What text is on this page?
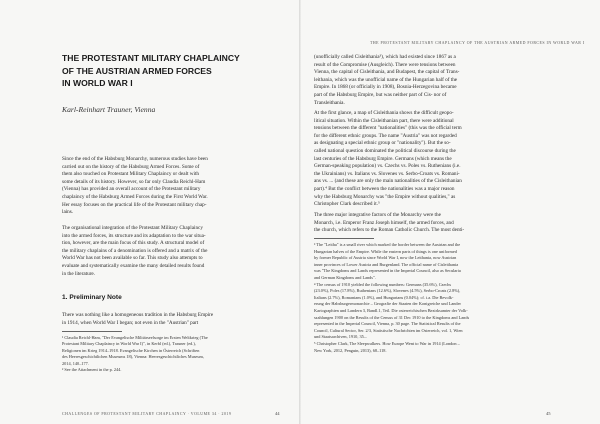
THE PROTESTANT MILITARY CHAPLAINCY
OF THE AUSTRIAN ARMED FORCES
IN WORLD WAR I
Karl-Reinhart Trauner, Vienna
Since the end of the Habsburg Monarchy, numerous studies have been
carried out on the history of the Habsburg Armed Forces. Some of
them also touched on Protestant Military Chaplaincy or dealt with
some details of its history. However, so far only Claudia Reichl-Ham
(Vienna) has provided an overall account of the Protestant military
chaplaincy of the Habsburg Armed Forces during the First World War.
Her essay focuses on the practical life of the Protestant military chap-
lains.
The organisational integration of the Protestant Military Chaplaincy
into the armed forces, its structure and its adaptation to the war situa-
tion, however, are the main focus of this study. A structural model of
the military chaplains of a denomination is offered and a matrix of the
World War has not been available so far. This study also attempts to
evaluate and systematically examine the many detailed results found
in the literature.
1. Preliminary Note
There was nothing like a homogeneous tradition in the Habsburg Empire
in 1914, when World War I began; not even in the "Austrian" part
¹ Claudia Reichl-Ham, "Der Evangelische Militärseelsorge im Ersten Weltkrieg (The
Protestant Military Chaplaincy in World War I)", in Kerbl (ed.), Trauner (ed.),
Religionen im Krieg 1914–1918. Evangelische Kirchen in Österreich (Schriften
des Heeresgeschichtlichen Museums 18), Vienna: Heeresgeschichtliches Museum,
2014, 140–177.
² See the Attachment in the p. 244.
CHALLENGES OF PROTESTANT MILITARY CHAPLAINCY · VOLUME 34 · 2019	44
THE PROTESTANT MILITARY CHAPLAINCY OF THE AUSTRIAN ARMED FORCES IN WORLD WAR I
(unofficially called Cisleithania³), which had existed since 1867 as a
result of the Compromise (Ausgleich). There were tensions between
Vienna, the capital of Cisleithania, and Budapest, the capital of Trans-
leithania, which was the unofficial name of the Hungarian half of the
Empire. In 1868 (or officially in 1908), Bosnia-Herzegovina became
part of the Habsburg Empire, but was neither part of Cis- nor of
Transleithania.
At the first glance, a map of Cisleithania shows the difficult geopo-
litical situation. Within the Cisleithanian part, there were additional
tensions between the different "nationalities" (this was the official term
for the different ethnic groups. The name "Austria" was not regarded
as designating a special ethnic group or "nationality"). But the so-
called national question dominated the political discourse during the
last centuries of the Habsburg Empire. Germans (which means the
German-speaking population) vs. Czechs vs. Poles vs. Ruthenians (i.e.
the Ukrainians) vs. Italians vs. Slovenes vs. Serbo-Croats vs. Romani-
ans vs. ... (and these are only the main nationalities of the Cisleithanian
part).⁴ But the conflict between the nationalities was a major reason
why the Habsburg Monarchy was "the Empire without qualities," as
Christopher Clark described it.⁵
The three major integrative factors of the Monarchy were the
Monarch, i.e. Emperor Franz Joseph himself, the armed forces, and
the church, which refers to the Roman Catholic Church. The most denti-
³ The "Leitha" is a small river which marked the border between the Austrian and the
Hungarian halves of the Empire. While the eastern parts of things is one uniformed
by former Republic of Austria since World War I, now the Leithania, now Austrian
inner provinces of Lower Austria and Burgenland. The official name of Cisleithania
was "The Kingdoms and Lands represented in the Imperial Council, also as Secularia
and German Kingdoms and Lands".
⁴ The census of 1910 yielded the following numbers: Germans (35.6%), Czechs
(23.0%), Poles (17.8%), Ruthenians (12.6%), Slovenes (4.5%), Serbo-Croats (2.8%),
Italians (2.7%), Romanians (1.0%), and Hungarians (0.04%); cf. i.a. Die Bevolk-
erung der Habsburgermonarchie – Geografie der Staaten der Konigreiche und Lander
Kartographien und Landern 3, Bandl.1, Teil. Die osterreichischen Bezirksamter der Volk-
szahlungen 1900 on the Results of the Census of 31 Dec 1910 to the Kingdoms and Lands
represented in the Imperial Council, Vienna, p. 30 page. The Statistical Results of the
Council, Cultural Sector, Ser. 2/3, Statistische Nachrichten im Osterreich, vol. 1, Wien
und Staatsarchiven, 1910, 35–.
⁵ Christopher Clark, The Sleepwalkers. How Europe Went to War in 1914 (London –
New York, 2012, Penguin, 2013), 68–118.
45
